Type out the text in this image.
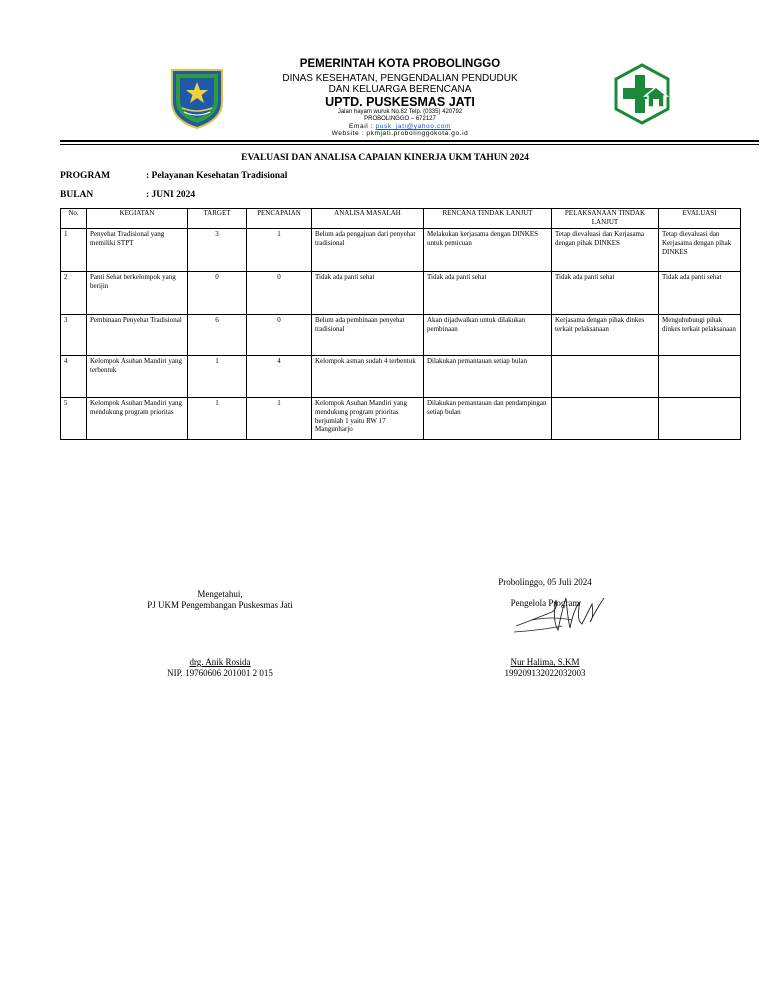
PEMERINTAH KOTA PROBOLINGGO
DINAS KESEHATAN, PENGENDALIAN PENDUDUK
DAN KELUARGA BERENCANA
UPTD. PUSKESMAS JATI
Jalan hayam wuruk No.82 Telp. (0335) 420792
PROBOLINGGO – 672127
Email : pusk_jati@yahoo.com
Website : pkmjati.probolinggokota.go.id
EVALUASI DAN ANALISA CAPAIAN KINERJA UKM TAHUN 2024
PROGRAM	: Pelayanan Kesehatan Tradisional
BULAN	: JUNI 2024
No.	KEGIATAN	TARGET	PENCAPAIAN	ANALISA MASALAH	RENCANA TINDAK LANJUT	PELAKSANAAN TINDAK LANJUT	EVALUASI
1	Penyehat Tradisional yang memiliki STPT	3	1	Belum ada pengajuan dari penyehat tradisional	Melakukan kerjasama dengan DINKES untuk pemicuan	Tetap dievaluasi dan Kerjasama dengan pihak DINKES	Tetap dievaluasi dan Kerjasama dengan pihak DINKES
2	Panti Sehat berkelompok yang berijin	0	0	Tidak ada panti sehat	Tidak ada panti sehat	Tidak ada panti sehat	Tidak ada panti sehat
3	Pembinaan Penyehat Tradisional	6	0	Belum ada pembinaan penyehat tradisional	Akan dijadwalkan untuk dilakukan pembinaan	Kerjasama dengan pihak dinkes terkait pelaksanaan	Menguhubungi pihak dinkes terkait pelaksanaan
4	Kelompok Asuhan Mandiri yang terbentuk	1	4	Kelompok asman sudah 4 terbentuk	Dilakukan pemantauan setiap bulan		
5	Kelompok Asuhan Mandiri yang mendukung program prioritas	1	1	Kelompok Asuhan Mandiri yang mendukung program prioritas berjumlah 1 yaitu RW 17 Mangunharjo	Dilakukan pemantauan dan pendampingan setiap bulan		
Mengetahui,
PJ UKM Pengembangan Puskesmas Jati
drg. Anik Rosida
NIP. 19760606 201001 2 015
Probolinggo, 05 Juli 2024
Pengelola Program
Nur Halima, S.KM
199209132022032003
